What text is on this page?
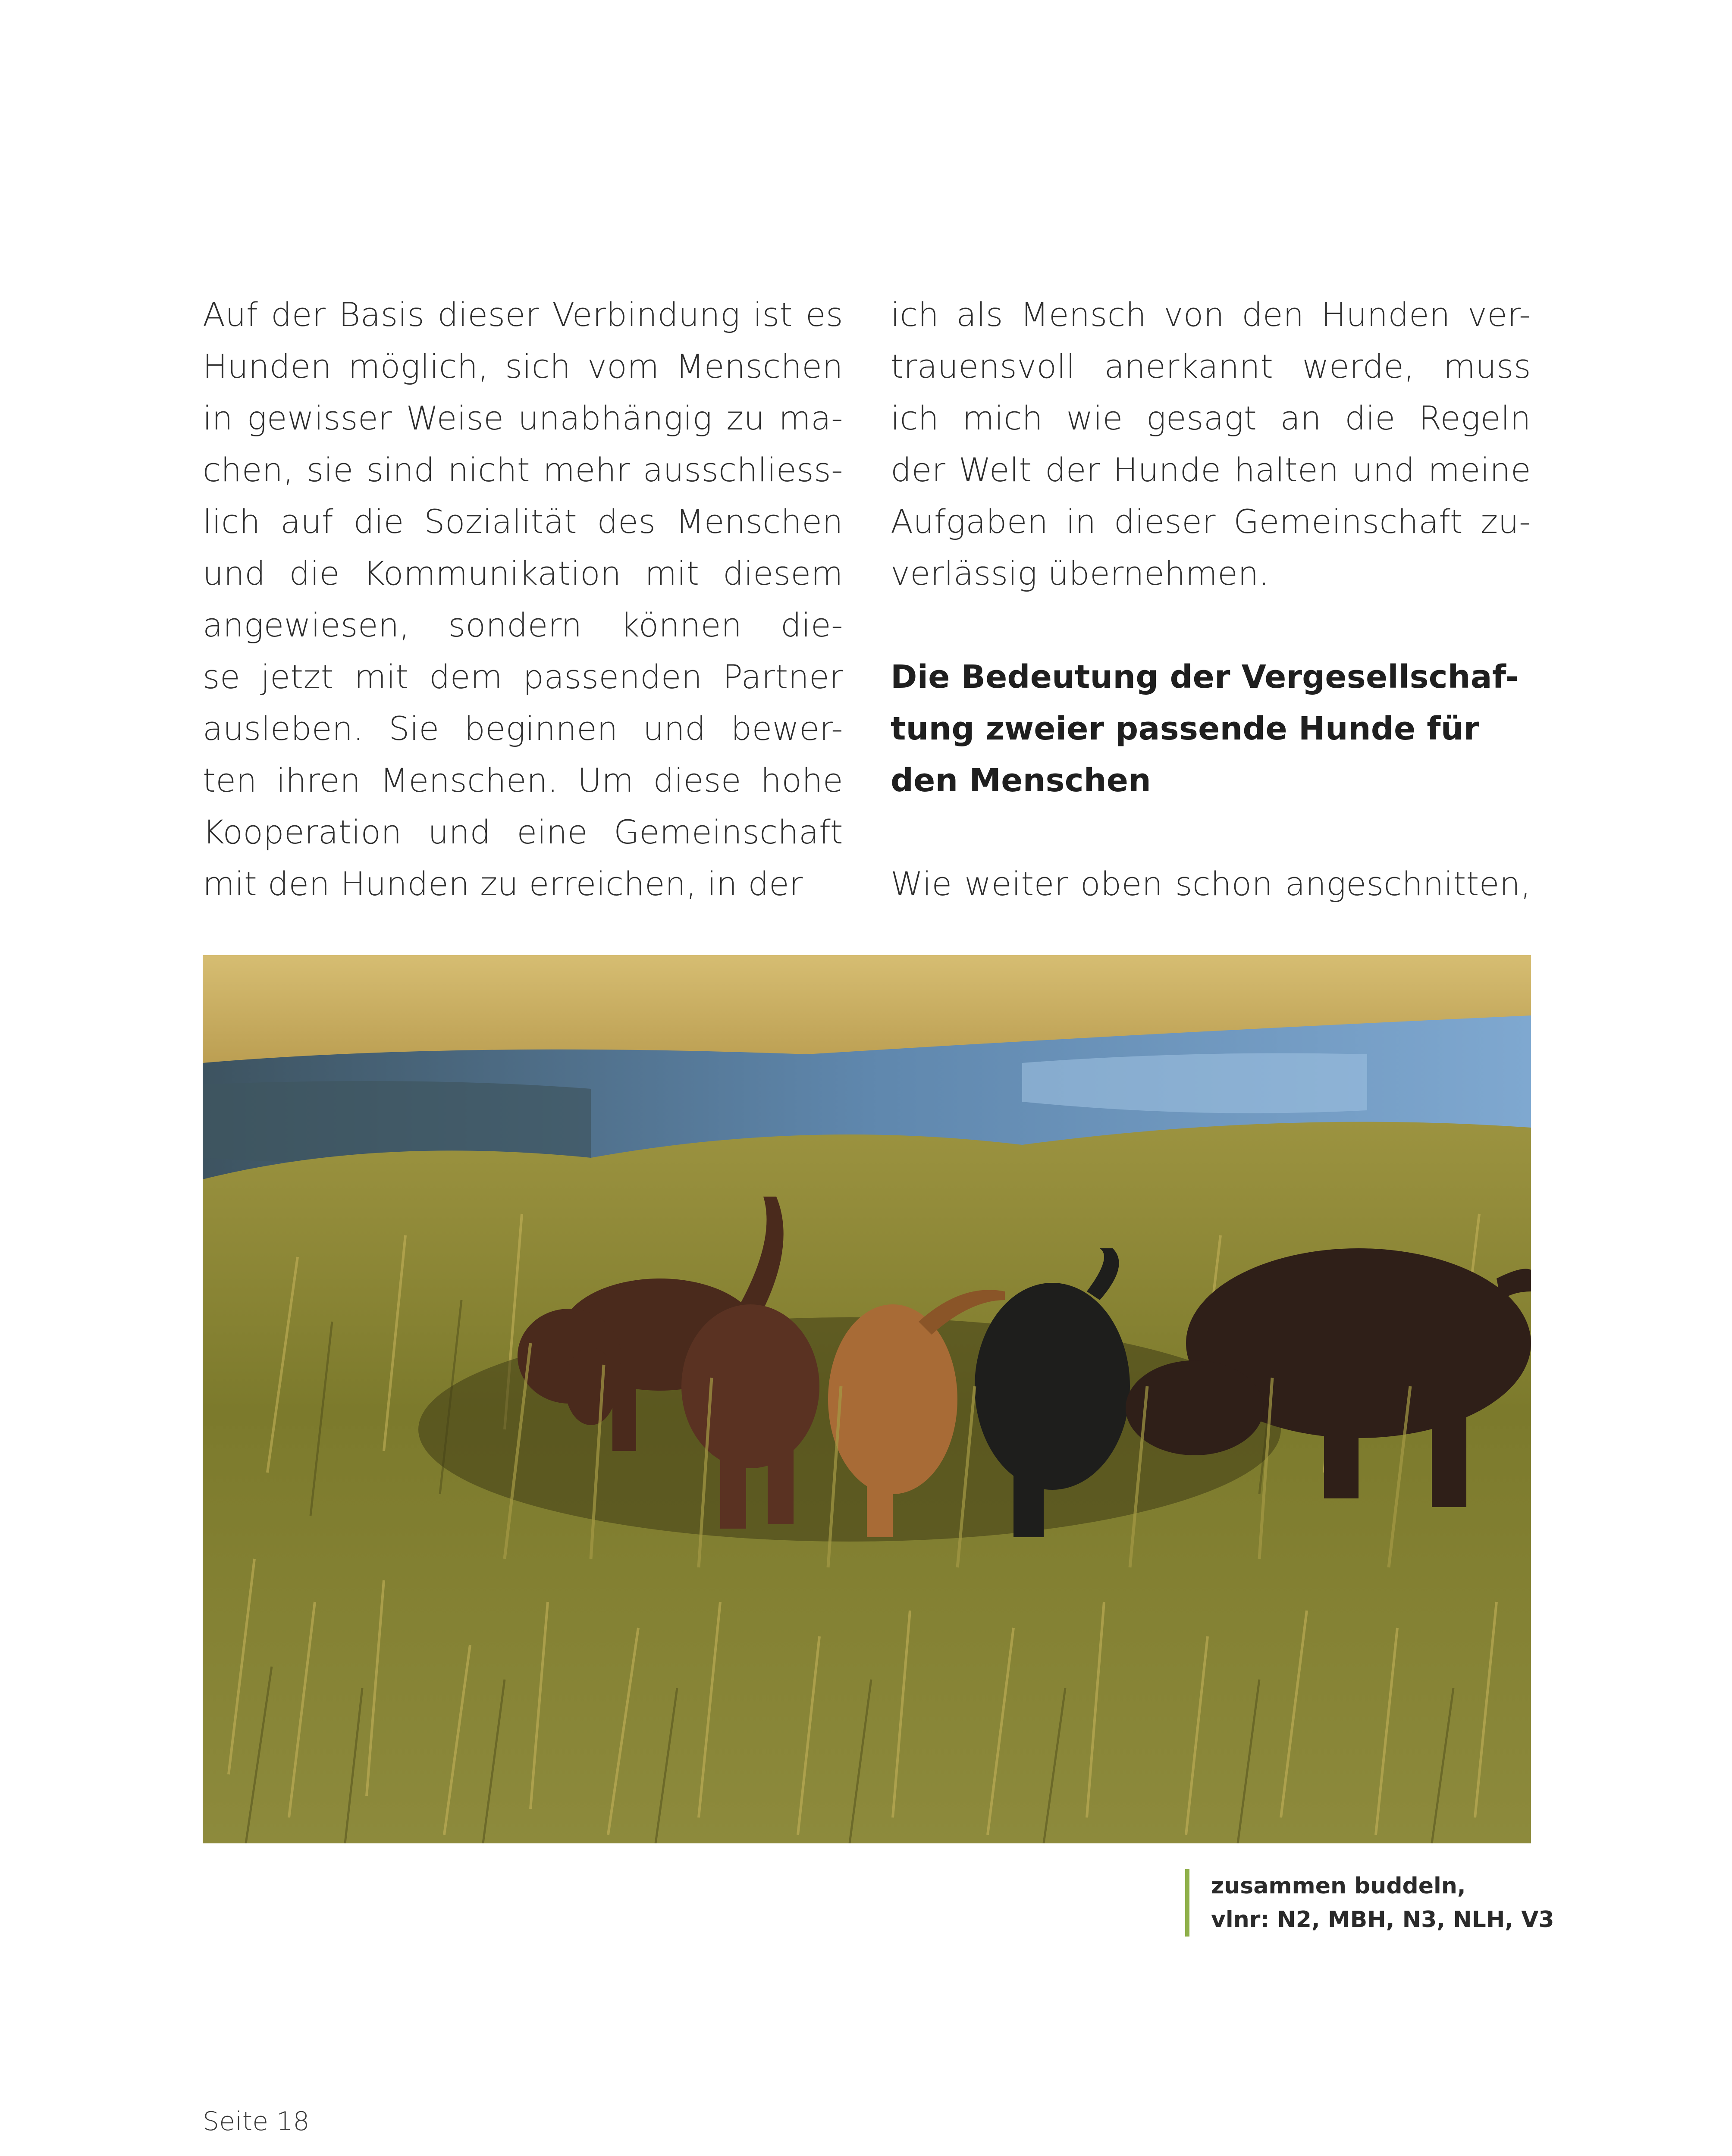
Auf der Basis dieser Verbindung ist es
Hunden möglich, sich vom Menschen
in gewisser Weise unabhängig zu ma-
chen, sie sind nicht mehr ausschliess-
lich auf die Sozialität des Menschen
und die Kommunikation mit diesem
angewiesen, sondern können die-
se jetzt mit dem passenden Partner
ausleben. Sie beginnen und bewer-
ten ihren Menschen. Um diese hohe
Kooperation und eine Gemeinschaft
mit den Hunden zu erreichen, in der
ich als Mensch von den Hunden ver-
trauensvoll anerkannt werde, muss
ich mich wie gesagt an die Regeln
der Welt der Hunde halten und meine
Aufgaben in dieser Gemeinschaft zu-
verlässig übernehmen.
Die Bedeutung der Vergesellschaf-
tung zweier passende Hunde für
den Menschen
Wie weiter oben schon angeschnitten,
zusammen buddeln,
vlnr: N2, MBH, N3, NLH, V3
Seite 18
